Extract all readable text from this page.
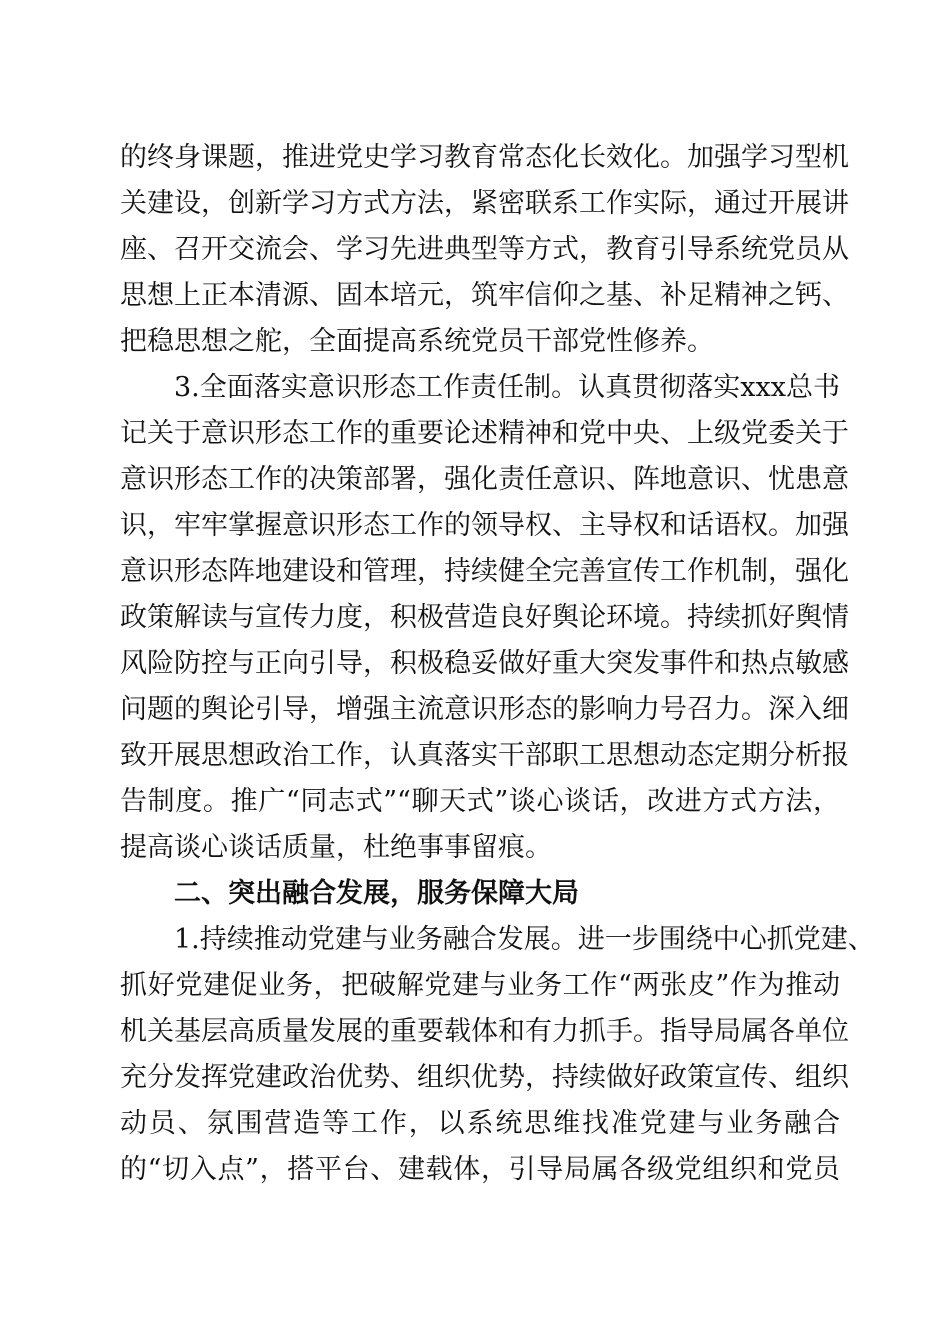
的终身课题，推进党史学习教育常态化长效化。加强学习型机
关建设，创新学习方式方法，紧密联系工作实际，通过开展讲
座、召开交流会、学习先进典型等方式，教育引导系统党员从
思想上正本清源、固本培元，筑牢信仰之基、补足精神之钙、
把稳思想之舵，全面提高系统党员干部党性修养。
3.全面落实意识形态工作责任制。认真贯彻落实xxx总书
记关于意识形态工作的重要论述精神和党中央、上级党委关于
意识形态工作的决策部署，强化责任意识、阵地意识、忧患意
识，牢牢掌握意识形态工作的领导权、主导权和话语权。加强
意识形态阵地建设和管理，持续健全完善宣传工作机制，强化
政策解读与宣传力度，积极营造良好舆论环境。持续抓好舆情
风险防控与正向引导，积极稳妥做好重大突发事件和热点敏感
问题的舆论引导，增强主流意识形态的影响力号召力。深入细
致开展思想政治工作，认真落实干部职工思想动态定期分析报
告制度。推广“同志式”“聊天式”谈心谈话，改进方式方法，
提高谈心谈话质量，杜绝事事留痕。
二、突出融合发展，服务保障大局
1.持续推动党建与业务融合发展。进一步围绕中心抓党建、
抓好党建促业务，把破解党建与业务工作“两张皮”作为推动
机关基层高质量发展的重要载体和有力抓手。指导局属各单位
充分发挥党建政治优势、组织优势，持续做好政策宣传、组织
动员、氛围营造等工作，以系统思维找准党建与业务融合
的“切入点”，搭平台、建载体，引导局属各级党组织和党员
